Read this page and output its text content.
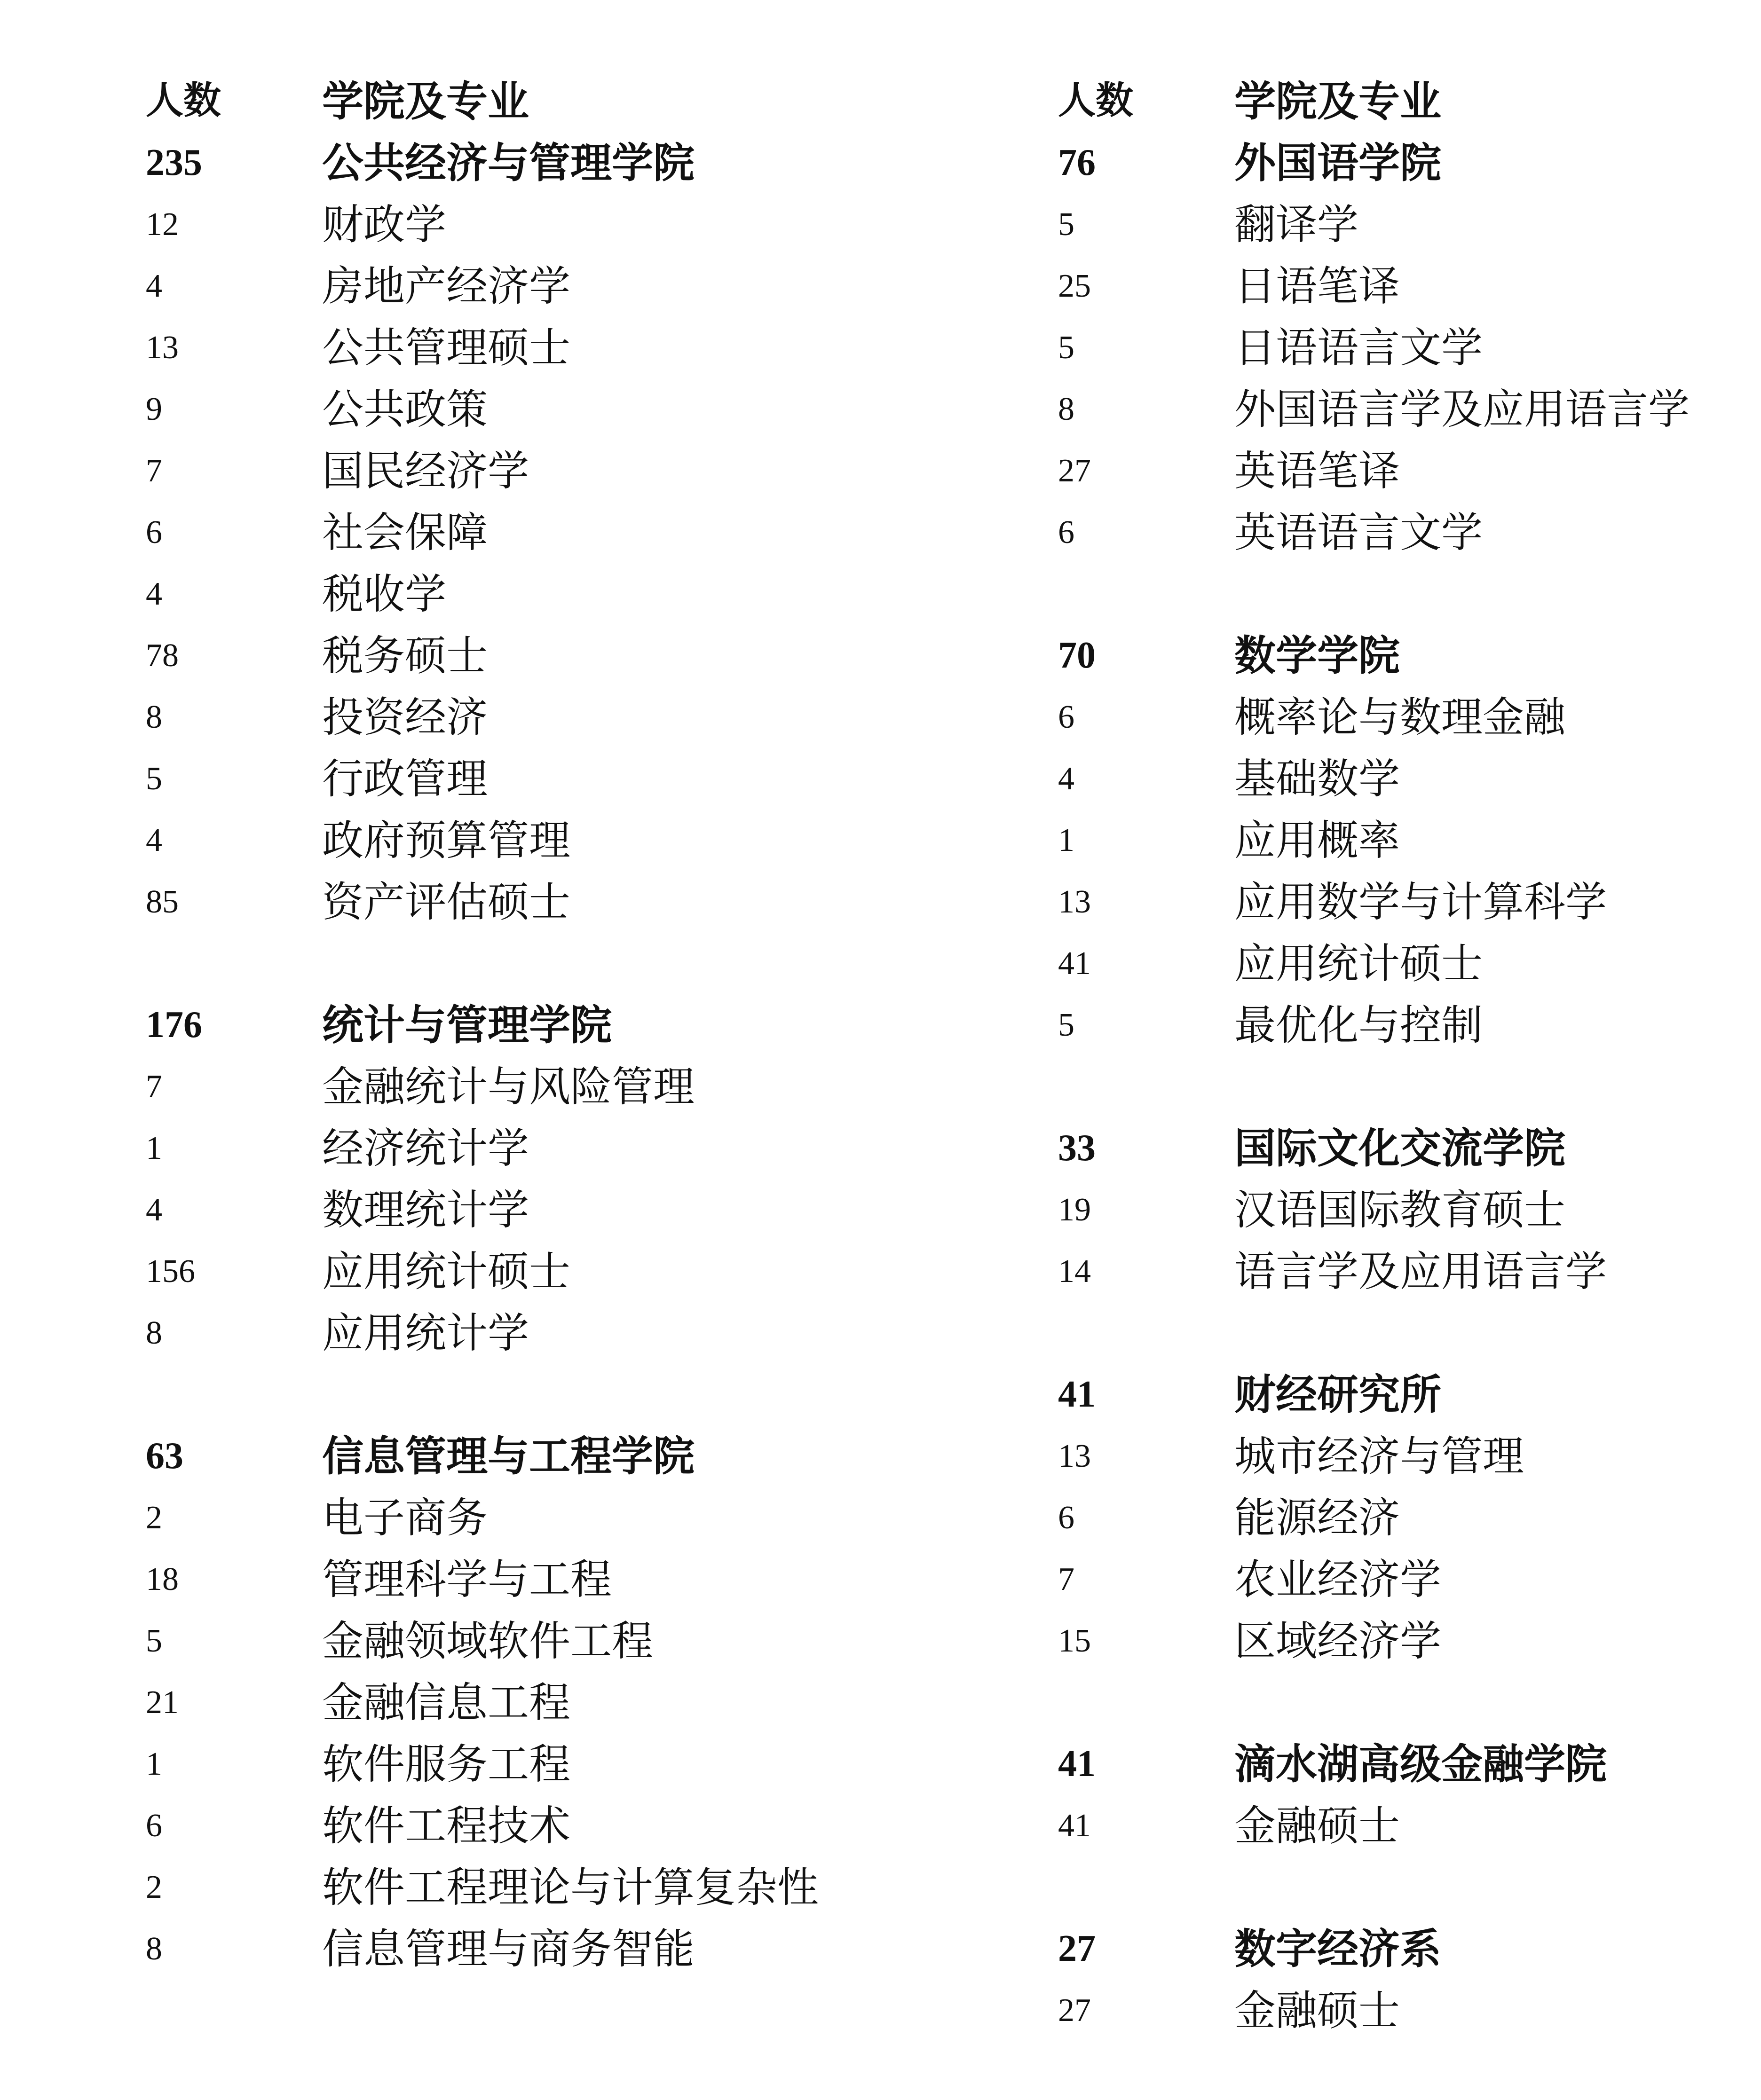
人数	学院及专业
235	公共经济与管理学院
12	财政学
4	房地产经济学
13	公共管理硕士
9	公共政策
7	国民经济学
6	社会保障
4	税收学
78	税务硕士
8	投资经济
5	行政管理
4	政府预算管理
85	资产评估硕士
176	统计与管理学院
7	金融统计与风险管理
1	经济统计学
4	数理统计学
156	应用统计硕士
8	应用统计学
63	信息管理与工程学院
2	电子商务
18	管理科学与工程
5	金融领域软件工程
21	金融信息工程
1	软件服务工程
6	软件工程技术
2	软件工程理论与计算复杂性
8	信息管理与商务智能
人数	学院及专业
76	外国语学院
5	翻译学
25	日语笔译
5	日语语言文学
8	外国语言学及应用语言学
27	英语笔译
6	英语语言文学
70	数学学院
6	概率论与数理金融
4	基础数学
1	应用概率
13	应用数学与计算科学
41	应用统计硕士
5	最优化与控制
33	国际文化交流学院
19	汉语国际教育硕士
14	语言学及应用语言学
41	财经研究所
13	城市经济与管理
6	能源经济
7	农业经济学
15	区域经济学
41	滴水湖高级金融学院
41	金融硕士
27	数字经济系
27	金融硕士
